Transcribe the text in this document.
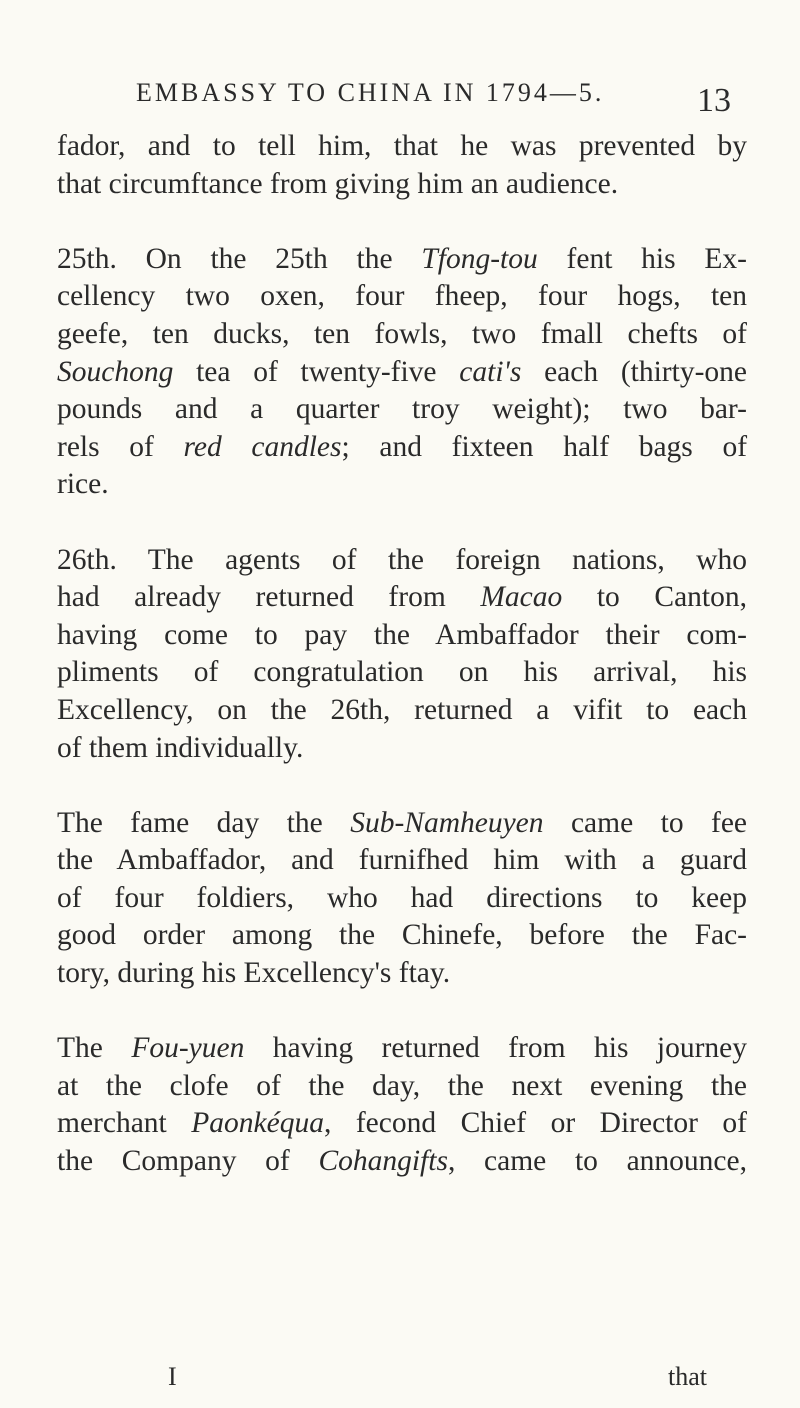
EMBASSY TO CHINA IN 1794—5.	13
fador, and to tell him, that he was prevented by
that circumftance from giving him an audience.
25th. On the 25th the Tfong-tou fent his Ex-
cellency two oxen, four fheep, four hogs, ten
geefe, ten ducks, ten fowls, two fmall chefts of
Souchong tea of twenty-five cati's each (thirty-one
pounds and a quarter troy weight); two bar-
rels of red candles; and fixteen half bags of
rice.
26th. The agents of the foreign nations, who
had already returned from Macao to Canton,
having come to pay the Ambaffador their com-
pliments of congratulation on his arrival, his
Excellency, on the 26th, returned a vifit to each
of them individually.
The fame day the Sub-Namheuyen came to fee
the Ambaffador, and furnifhed him with a guard
of four foldiers, who had directions to keep
good order among the Chinefe, before the Fac-
tory, during his Excellency's ftay.
The Fou-yuen having returned from his journey
at the clofe of the day, the next evening the
merchant Paonkéqua, fecond Chief or Director of
the Company of Cohangifts, came to announce,
I	that
